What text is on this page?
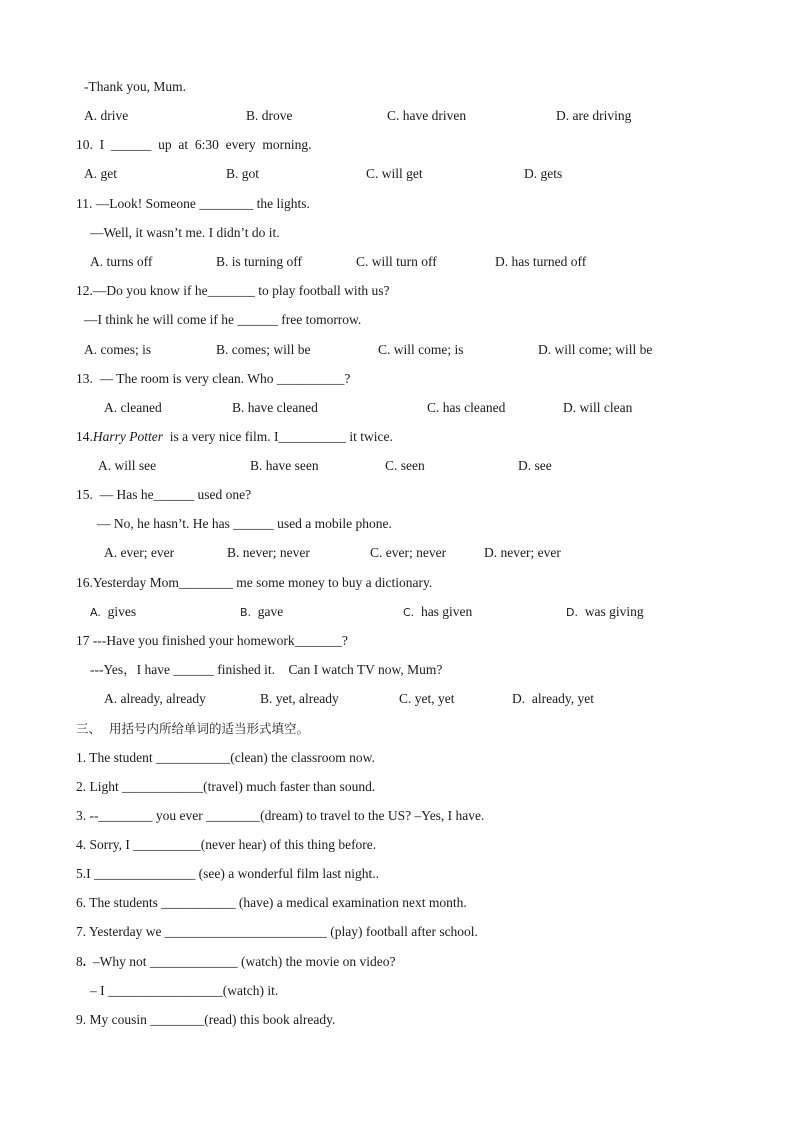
-Thank you, Mum.
A. drive	B. drove	C. have driven	D. are driving
10.  I  ______  up  at  6:30  every  morning.
A. get	B. got	C. will get	D. gets
11. —Look! Someone ________ the lights.
—Well, it wasn’t me. I didn’t do it.
A. turns off	B. is turning off	C. will turn off	D. has turned off
12.—Do you know if he_______ to play football with us?
—I think he will come if he ______ free tomorrow.
A. comes; is	B. comes; will be	C. will come; is	D. will come; will be
13.  — The room is very clean. Who __________?
A. cleaned	B. have cleaned	C. has cleaned	D. will clean
14.Harry Potter  is a very nice film. I__________ it twice.
A. will see	B. have seen	C. seen	D. see
15.  — Has he______ used one?
— No, he hasn’t. He has ______ used a mobile phone.
A. ever; ever	B. never; never	C. ever; never	D. never; ever
16.Yesterday Mom________ me some money to buy a dictionary.
A. gives	B. gave	C. has given	D. was giving
17 ---Have you finished your homework_______?
---Yes，I have ______ finished it.    Can I watch TV now, Mum?
A. already, already	B. yet, already	C. yet, yet	D.  already, yet
三、  用括号内所给单词的适当形式填空。
1. The student ___________(clean) the classroom now.
2. Light ____________(travel) much faster than sound.
3. --________ you ever ________(dream) to travel to the US? –Yes, I have.
4. Sorry, I __________(never hear) of this thing before.
5.I _______________ (see) a wonderful film last night..
6. The students ___________ (have) a medical examination next month.
7. Yesterday we ________________________ (play) football after school.
8.  –Why not _____________ (watch) the movie on video?
– I _________________(watch) it.
9. My cousin ________(read) this book already.
